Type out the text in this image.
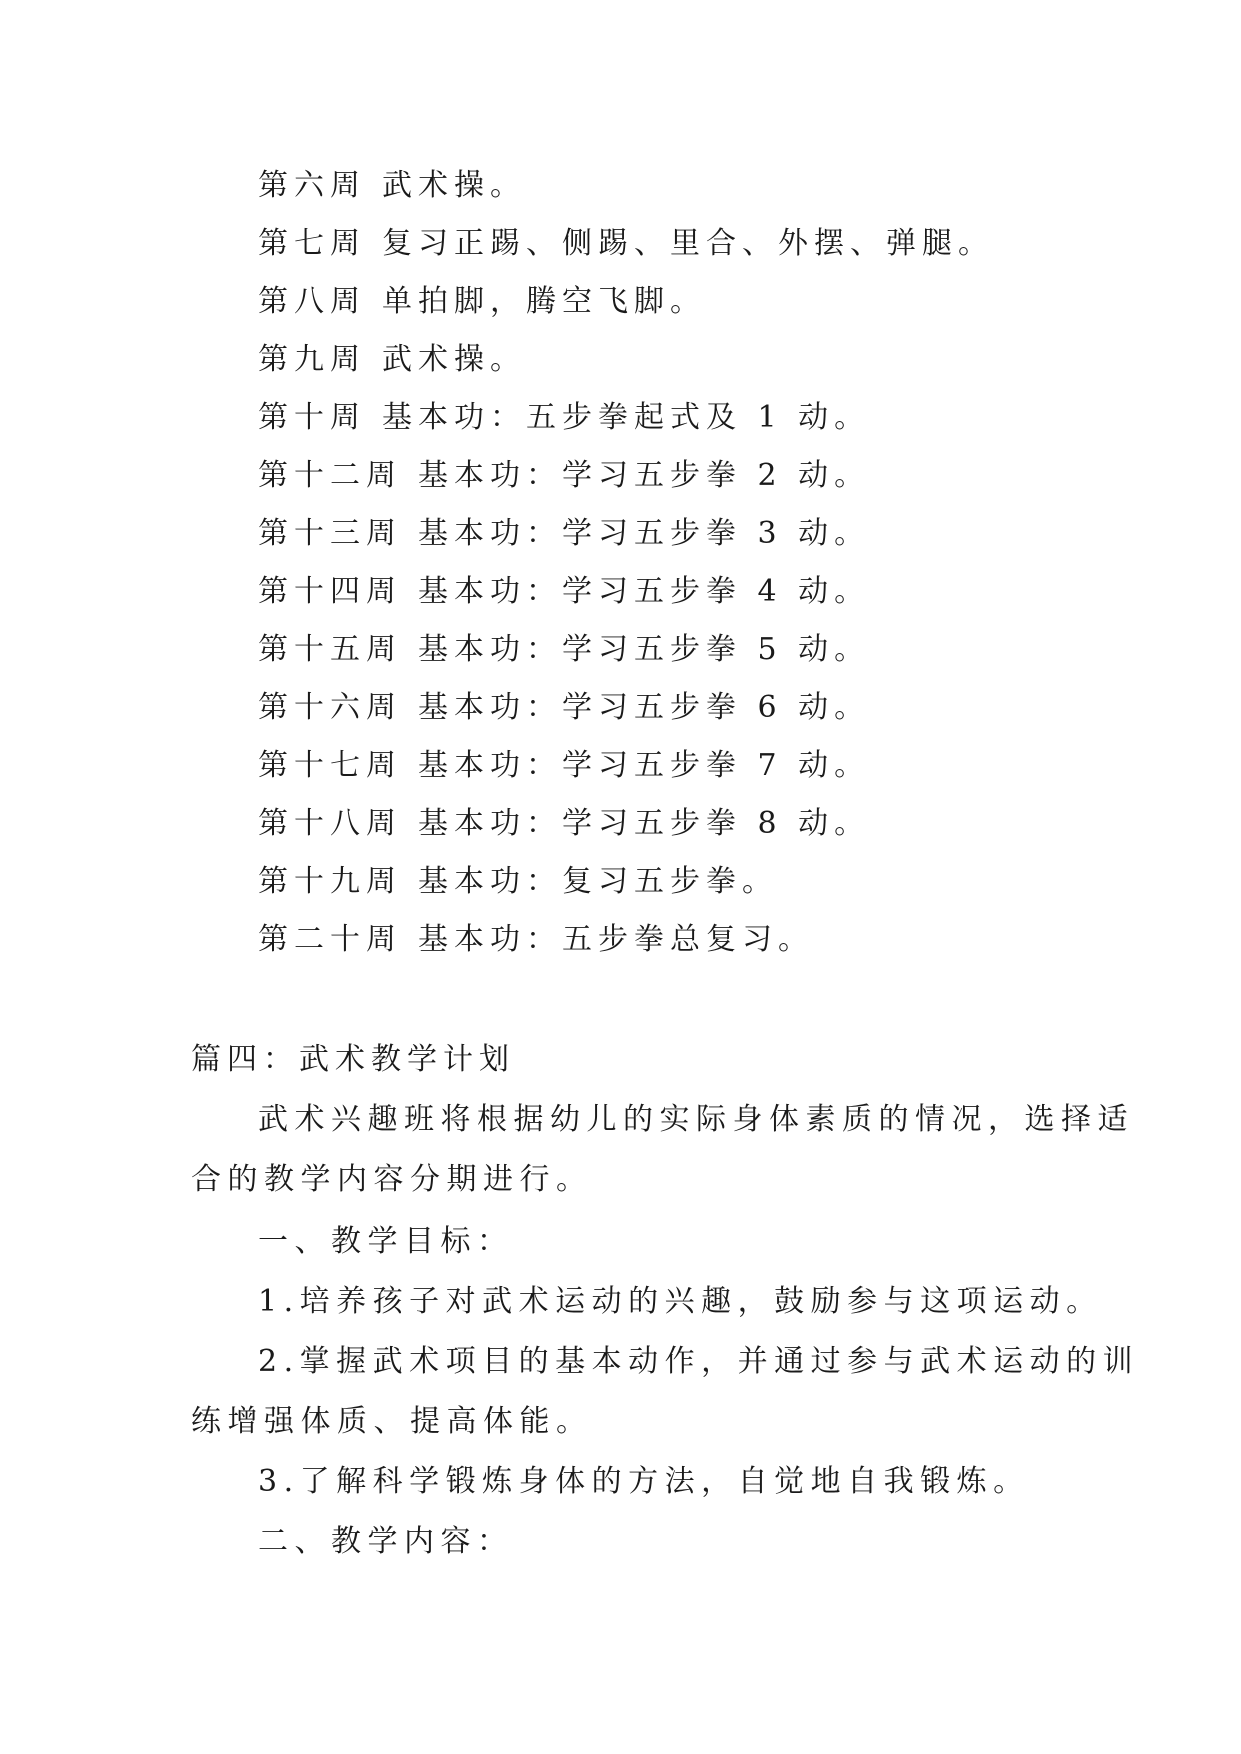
第六周 武术操。
第七周 复习正踢、侧踢、里合、外摆、弹腿。
第八周 单拍脚，腾空飞脚。
第九周 武术操。
第十周 基本功：五步拳起式及 1 动。
第十二周 基本功：学习五步拳 2 动。
第十三周 基本功：学习五步拳 3 动。
第十四周 基本功：学习五步拳 4 动。
第十五周 基本功：学习五步拳 5 动。
第十六周 基本功：学习五步拳 6 动。
第十七周 基本功：学习五步拳 7 动。
第十八周 基本功：学习五步拳 8 动。
第十九周 基本功：复习五步拳。
第二十周 基本功：五步拳总复习。
篇四：武术教学计划
武术兴趣班将根据幼儿的实际身体素质的情况，选择适
合的教学内容分期进行。
一、教学目标：
1.培养孩子对武术运动的兴趣，鼓励参与这项运动。
2.掌握武术项目的基本动作，并通过参与武术运动的训
练增强体质、提高体能。
3.了解科学锻炼身体的方法，自觉地自我锻炼。
二、教学内容：
